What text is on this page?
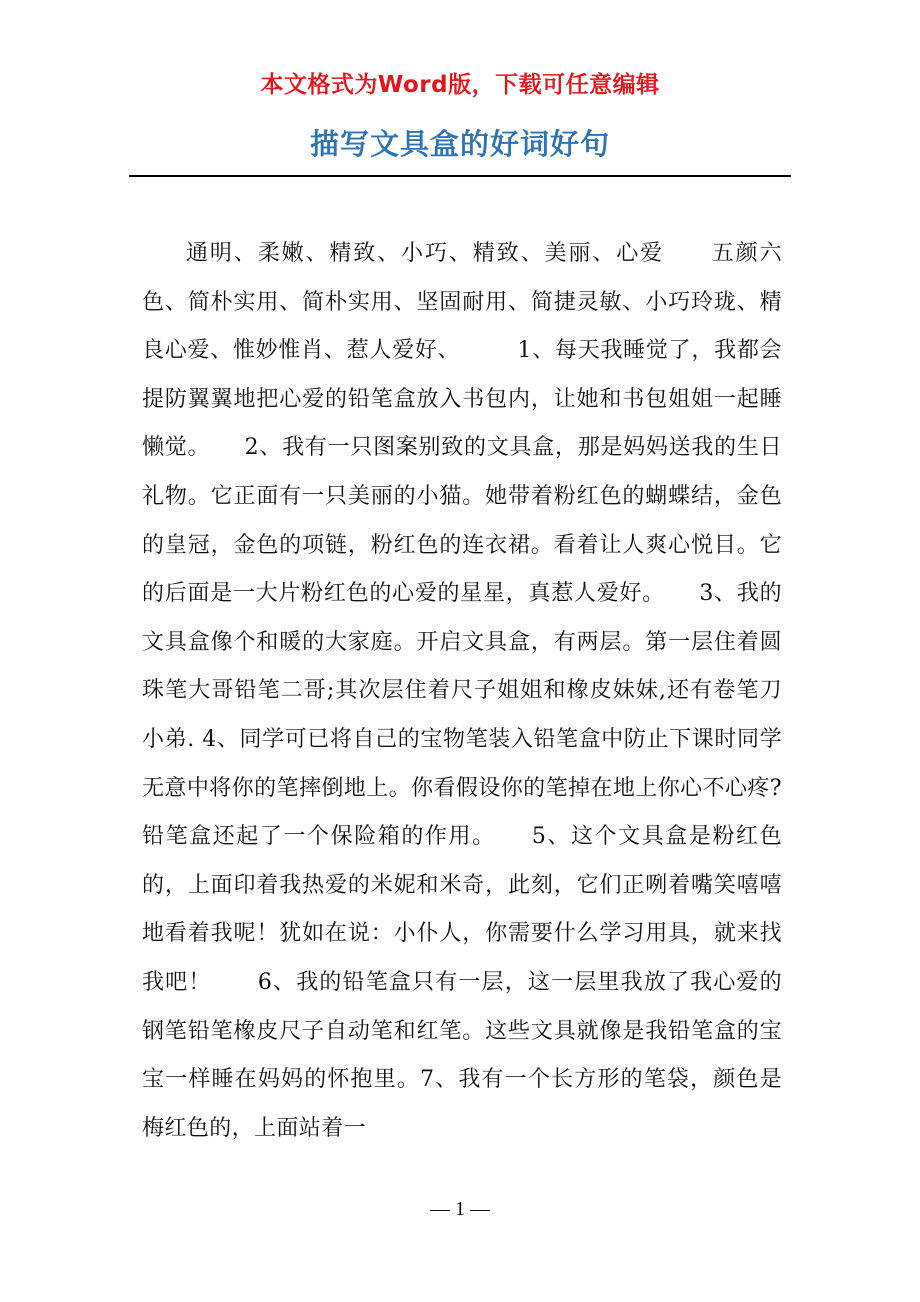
本文格式为Word版，下载可任意编辑
描写文具盒的好词好句
通明、柔嫩、精致、小巧、精致、美丽、心爱　　五颜六色、简朴实用、简朴实用、坚固耐用、简捷灵敏、小巧玲珑、精良心爱、惟妙惟肖、惹人爱好、　　　1、每天我睡觉了，我都会提防翼翼地把心爱的铅笔盒放入书包内，让她和书包姐姐一起睡懒觉。　　2、我有一只图案别致的文具盒，那是妈妈送我的生日礼物。它正面有一只美丽的小猫。她带着粉红色的蝴蝶结，金色的皇冠，金色的项链，粉红色的连衣裙。看着让人爽心悦目。它的后面是一大片粉红色的心爱的星星，真惹人爱好。　　3、我的文具盒像个和暖的大家庭。开启文具盒，有两层。第一层住着圆珠笔大哥铅笔二哥;其次层住着尺子姐姐和橡皮妹妹,还有卷笔刀小弟. 4、同学可已将自己的宝物笔装入铅笔盒中防止下课时同学无意中将你的笔摔倒地上。你看假设你的笔掉在地上你心不心疼? 铅笔盒还起了一个保险箱的作用。　　5、这个文具盒是粉红色的，上面印着我热爱的米妮和米奇，此刻，它们正咧着嘴笑嘻嘻地看着我呢！犹如在说：小仆人，你需要什么学习用具，就来找我吧！　　6、我的铅笔盒只有一层，这一层里我放了我心爱的钢笔铅笔橡皮尺子自动笔和红笔。这些文具就像是我铅笔盒的宝宝一样睡在妈妈的怀抱里。7、我有一个长方形的笔袋，颜色是梅红色的，上面站着一
— 1 —
